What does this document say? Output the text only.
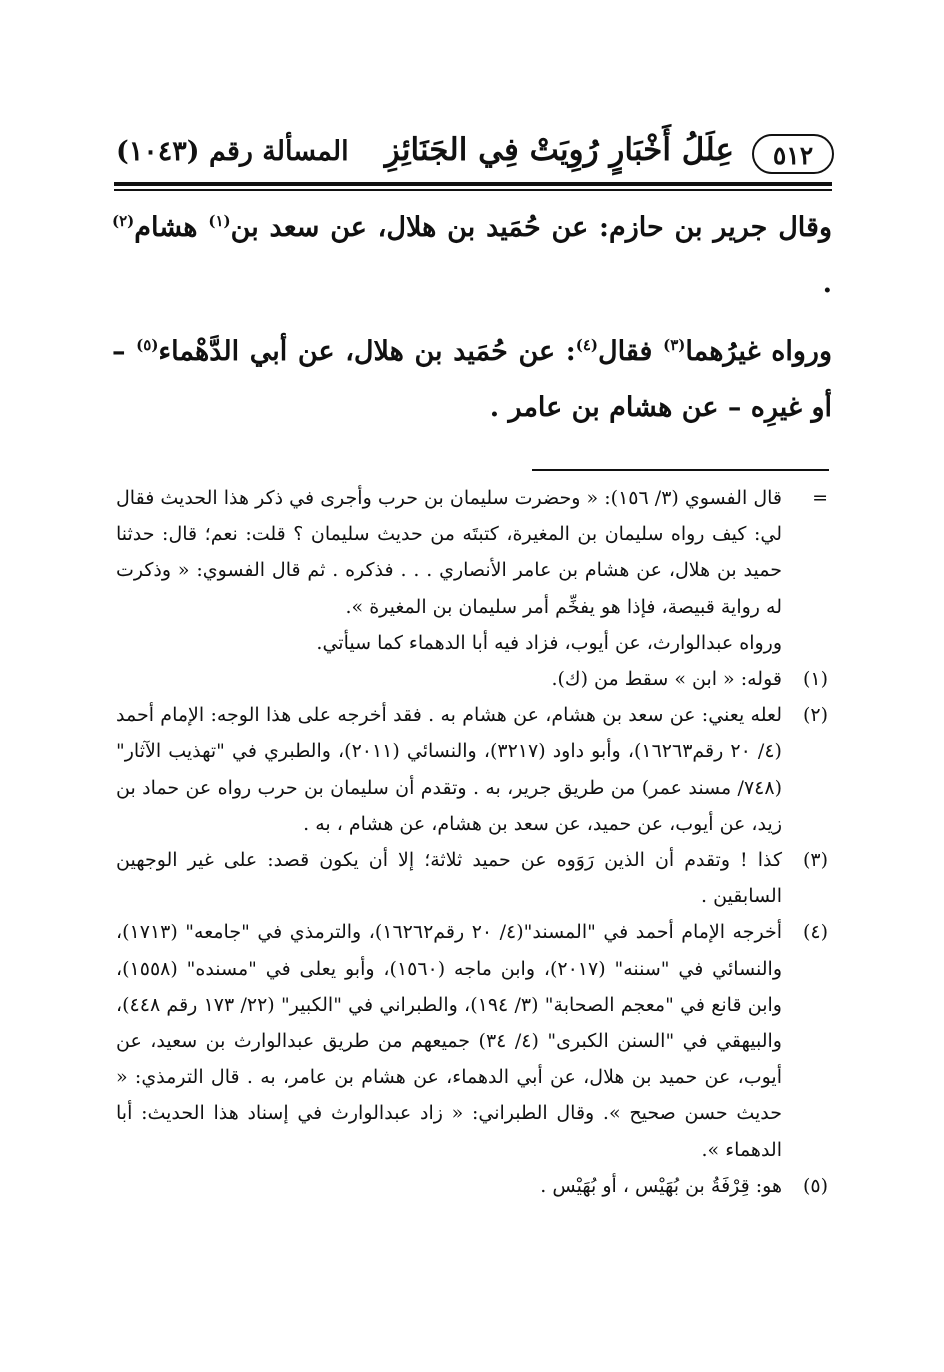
٥١٢
عِلَلُ أَخْبَارٍ رُوِيَتْ فِي الجَنَائِزِ
المسألة رقم (١٠٤٣)

وقال جرير بن حازم: عن حُمَيد بن هلال، عن سعد بن$^{(١)}$ هشام$^{(٢)}$ .

ورواه غيرُهما$^{(٣)}$ فقال$^{(٤)}$: عن حُمَيد بن هلال، عن أبي الدَّهْماء$^{(٥)}$ – أو غيرِه – عن هشام بن عامر .

=
قال الفسوي (٣/ ١٥٦): « وحضرت سليمان بن حرب وأجرى في ذكر هذا الحديث فقال لي: كيف رواه سليمان بن المغيرة، كتبتَه من حديث سليمان ؟ قلت: نعم؛ قال: حدثنا حميد بن هلال، عن هشام بن عامر الأنصاري . . . فذكره . ثم قال الفسوي: « وذكرت له رواية قبيصة، فإذا هو يفخِّم أمر سليمان بن المغيرة ».
ورواه عبدالوارث، عن أيوب، فزاد فيه أبا الدهماء كما سيأتي.
(١)
قوله: « ابن » سقط من (ك).
(٢)
لعله يعني: عن سعد بن هشام، عن هشام به . فقد أخرجه على هذا الوجه: الإمام أحمد (٤/ ٢٠ رقم١٦٢٦٣)، وأبو داود (٣٢١٧)، والنسائي (٢٠١١)، والطبري في "تهذيب الآثار" (٧٤٨/ مسند عمر) من طريق جرير، به . وتقدم أن سليمان بن حرب رواه عن حماد بن زيد، عن أيوب، عن حميد، عن سعد بن هشام، عن هشام ، به .
(٣)
كذا ! وتقدم أن الذين رَوَوه عن حميد ثلاثة؛ إلا أن يكون قصد: على غير الوجهين السابقين .
(٤)
أخرجه الإمام أحمد في "المسند"(٤/ ٢٠ رقم١٦٢٦٢)، والترمذي في "جامعه" (١٧١٣)، والنسائي في "سننه" (٢٠١٧)، وابن ماجه (١٥٦٠)، وأبو يعلى في "مسنده" (١٥٥٨)، وابن قانع في "معجم الصحابة" (٣/ ١٩٤)، والطبراني في "الكبير" (٢٢/ ١٧٣ رقم ٤٤٨)، والبيهقي في "السنن الكبرى" (٤/ ٣٤) جميعهم من طريق عبدالوارث بن سعيد، عن أيوب، عن حميد بن هلال، عن أبي الدهماء، عن هشام بن عامر، به . قال الترمذي: « حديث حسن صحيح ». وقال الطبراني: « زاد عبدالوارث في إسناد هذا الحديث: أبا الدهماء ».
(٥)
هو: قِرْفَةُ بن بُهَيْس ، أو بُهَيْس .
